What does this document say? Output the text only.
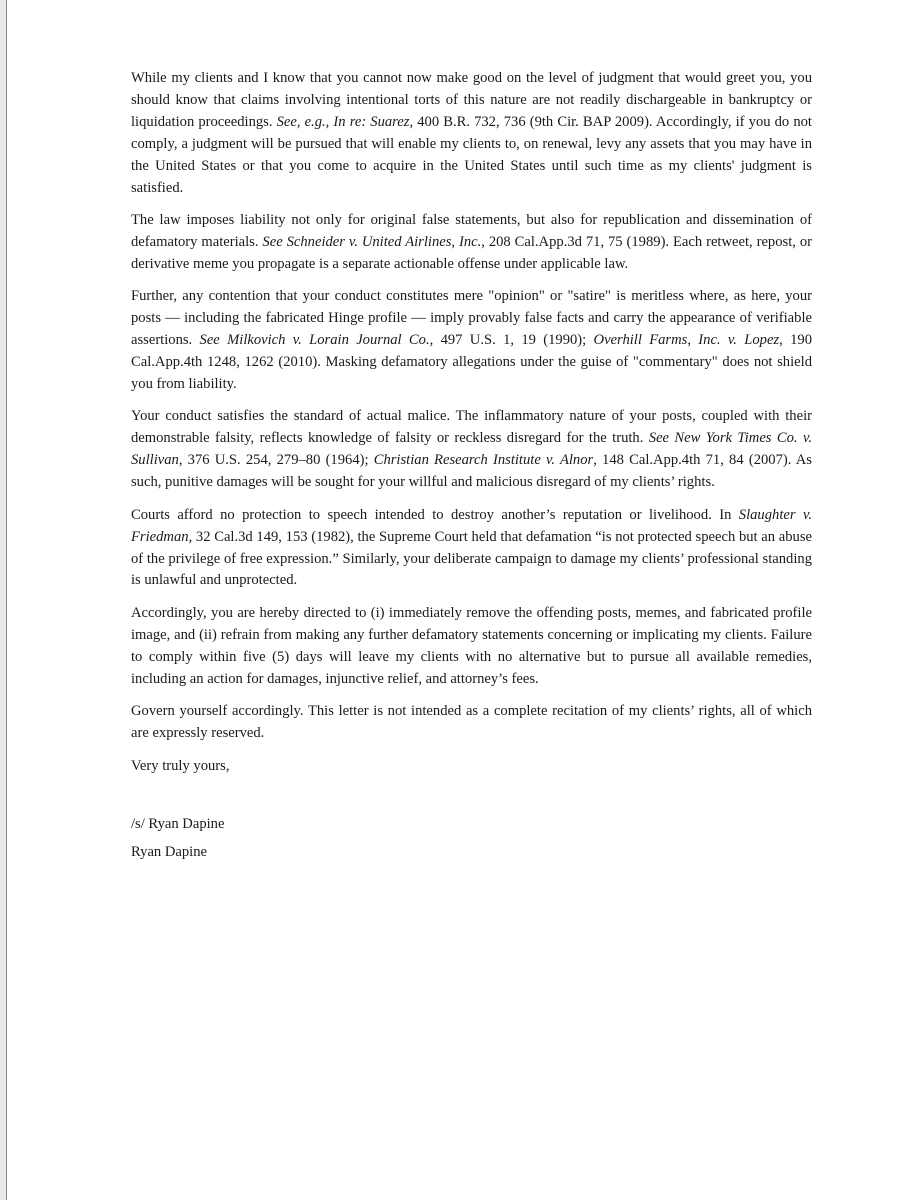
While my clients and I know that you cannot now make good on the level of judgment that would greet you, you should know that claims involving intentional torts of this nature are not readily dischargeable in bankruptcy or liquidation proceedings. See, e.g., In re: Suarez, 400 B.R. 732, 736 (9th Cir. BAP 2009). Accordingly, if you do not comply, a judgment will be pursued that will enable my clients to, on renewal, levy any assets that you may have in the United States or that you come to acquire in the United States until such time as my clients' judgment is satisfied.

The law imposes liability not only for original false statements, but also for republication and dissemination of defamatory materials. See Schneider v. United Airlines, Inc., 208 Cal.App.3d 71, 75 (1989). Each retweet, repost, or derivative meme you propagate is a separate actionable offense under applicable law.

Further, any contention that your conduct constitutes mere "opinion" or "satire" is meritless where, as here, your posts — including the fabricated Hinge profile — imply provably false facts and carry the appearance of verifiable assertions. See Milkovich v. Lorain Journal Co., 497 U.S. 1, 19 (1990); Overhill Farms, Inc. v. Lopez, 190 Cal.App.4th 1248, 1262 (2010). Masking defamatory allegations under the guise of "commentary" does not shield you from liability.

Your conduct satisfies the standard of actual malice. The inflammatory nature of your posts, coupled with their demonstrable falsity, reflects knowledge of falsity or reckless disregard for the truth. See New York Times Co. v. Sullivan, 376 U.S. 254, 279–80 (1964); Christian Research Institute v. Alnor, 148 Cal.App.4th 71, 84 (2007). As such, punitive damages will be sought for your willful and malicious disregard of my clients’ rights.

Courts afford no protection to speech intended to destroy another’s reputation or livelihood. In Slaughter v. Friedman, 32 Cal.3d 149, 153 (1982), the Supreme Court held that defamation “is not protected speech but an abuse of the privilege of free expression.” Similarly, your deliberate campaign to damage my clients’ professional standing is unlawful and unprotected.

Accordingly, you are hereby directed to (i) immediately remove the offending posts, memes, and fabricated profile image, and (ii) refrain from making any further defamatory statements concerning or implicating my clients. Failure to comply within five (5) days will leave my clients with no alternative but to pursue all available remedies, including an action for damages, injunctive relief, and attorney’s fees.

Govern yourself accordingly. This letter is not intended as a complete recitation of my clients’ rights, all of which are expressly reserved.

Very truly yours,

/s/ Ryan Dapine

Ryan Dapine
